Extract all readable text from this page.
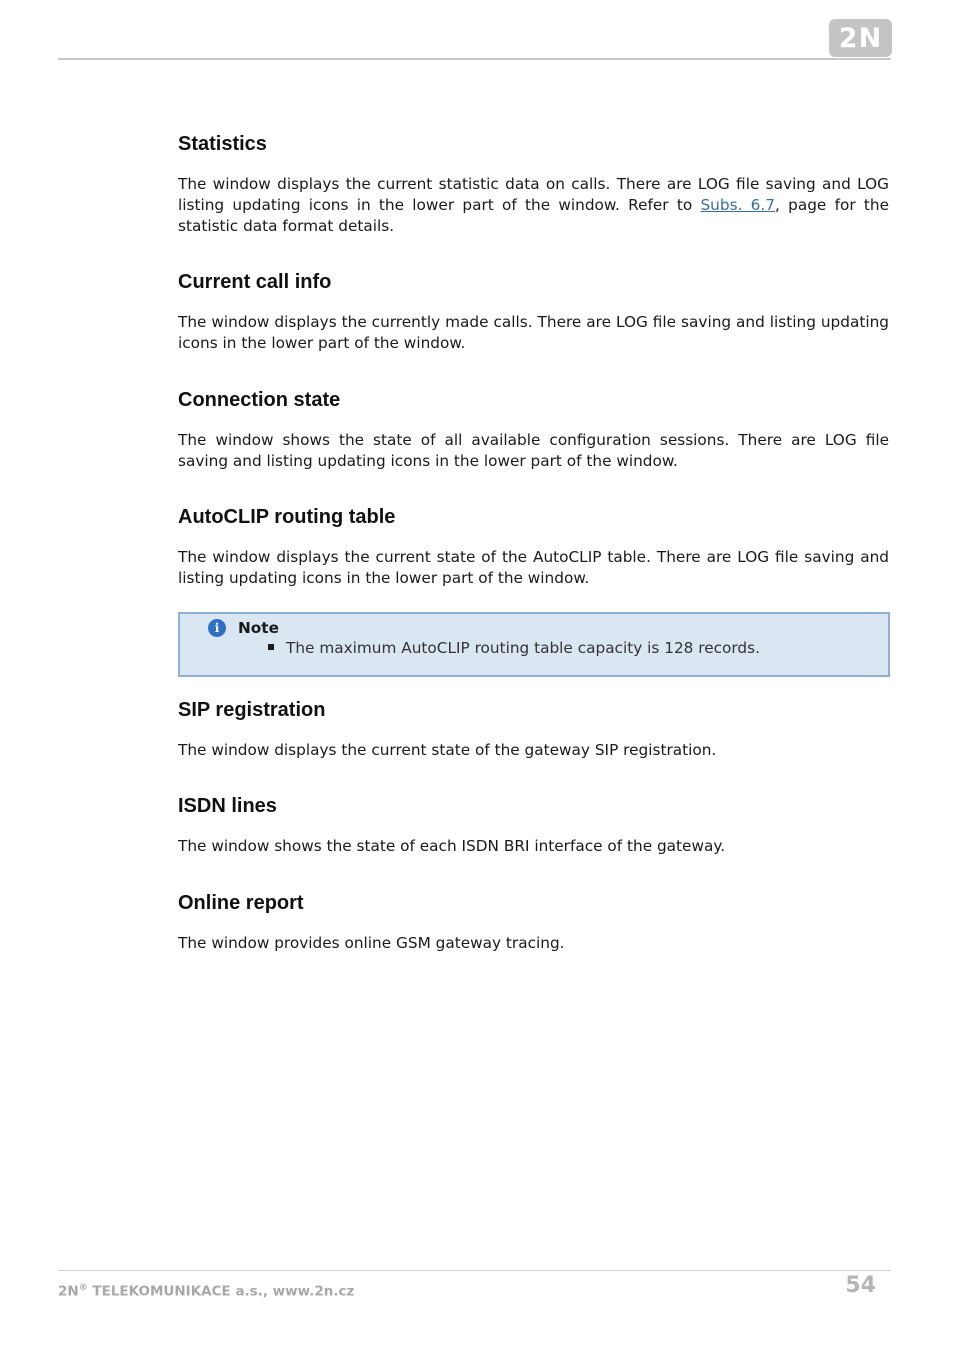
2N
Statistics

The window displays the current statistic data on calls. There are LOG file saving and LOG listing updating icons in the lower part of the window. Refer to Subs. 6.7, page for the statistic data format details.

Current call info

The window displays the currently made calls. There are LOG file saving and listing updating icons in the lower part of the window.

Connection state

The window shows the state of all available configuration sessions. There are LOG file saving and listing updating icons in the lower part of the window.

AutoCLIP routing table

The window displays the current state of the AutoCLIP table. There are LOG file saving and listing updating icons in the lower part of the window.

SIP registration

The window displays the current state of the gateway SIP registration.

ISDN lines

The window shows the state of each ISDN BRI interface of the gateway.

Online report

The window provides online GSM gateway tracing.

i	Note
The maximum AutoCLIP routing table capacity is 128 records.
2N® TELEKOMUNIKACE a.s., www.2n.cz	54
